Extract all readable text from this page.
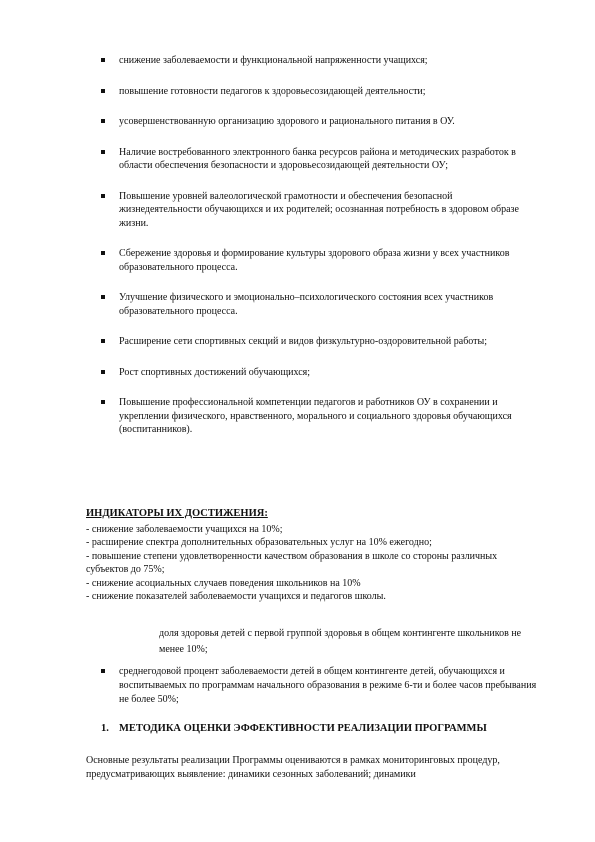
снижение заболеваемости и функциональной напряженности учащихся;
повышение готовности педагогов к здоровьесозидающей деятельности;
усовершенствованную организацию здорового и рационального питания в ОУ.
Наличие востребованного электронного банка ресурсов района и методических разработок в области обеспечения безопасности и здоровьесозидающей деятельности ОУ;
Повышение уровней валеологической грамотности и обеспечения безопасной жизнедеятельности обучающихся и их родителей; осознанная потребность в здоровом образе жизни.
Сбережение здоровья и формирование культуры здорового образа жизни у всех участников образовательного процесса.
Улучшение физического и эмоционально–психологического состояния всех участников образовательного процесса.
Расширение сети спортивных секций и видов физкультурно-оздоровительной работы;
Рост спортивных достижений обучающихся;
Повышение профессиональной компетенции педагогов и работников ОУ в сохранении и укреплении физического, нравственного, морального и социального здоровья обучающихся (воспитанников).
ИНДИКАТОРЫ ИХ ДОСТИЖЕНИЯ:

- снижение заболеваемости учащихся на 10%;

- расширение спектра дополнительных образовательных услуг на 10% ежегодно;

- повышение степени удовлетворенности качеством образования в школе со стороны различных субъектов до 75%;

- снижение асоциальных случаев поведения школьников на 10%

- снижение показателей заболеваемости учащихся и педагогов школы.

доля здоровья детей с первой группой здоровья в общем контингенте школьников не менее 10%;

среднегодовой процент заболеваемости детей в общем контингенте детей, обучающихся и воспитываемых по программам начального образования в режиме 6-ти и более часов пребывания не более 50%;
1. МЕТОДИКА ОЦЕНКИ ЭФФЕКТИВНОСТИ РЕАЛИЗАЦИИ ПРОГРАММЫ

Основные результаты реализации Программы оцениваются в рамках мониторинговых процедур, предусматривающих выявление: динамики сезонных заболеваний; динамики
